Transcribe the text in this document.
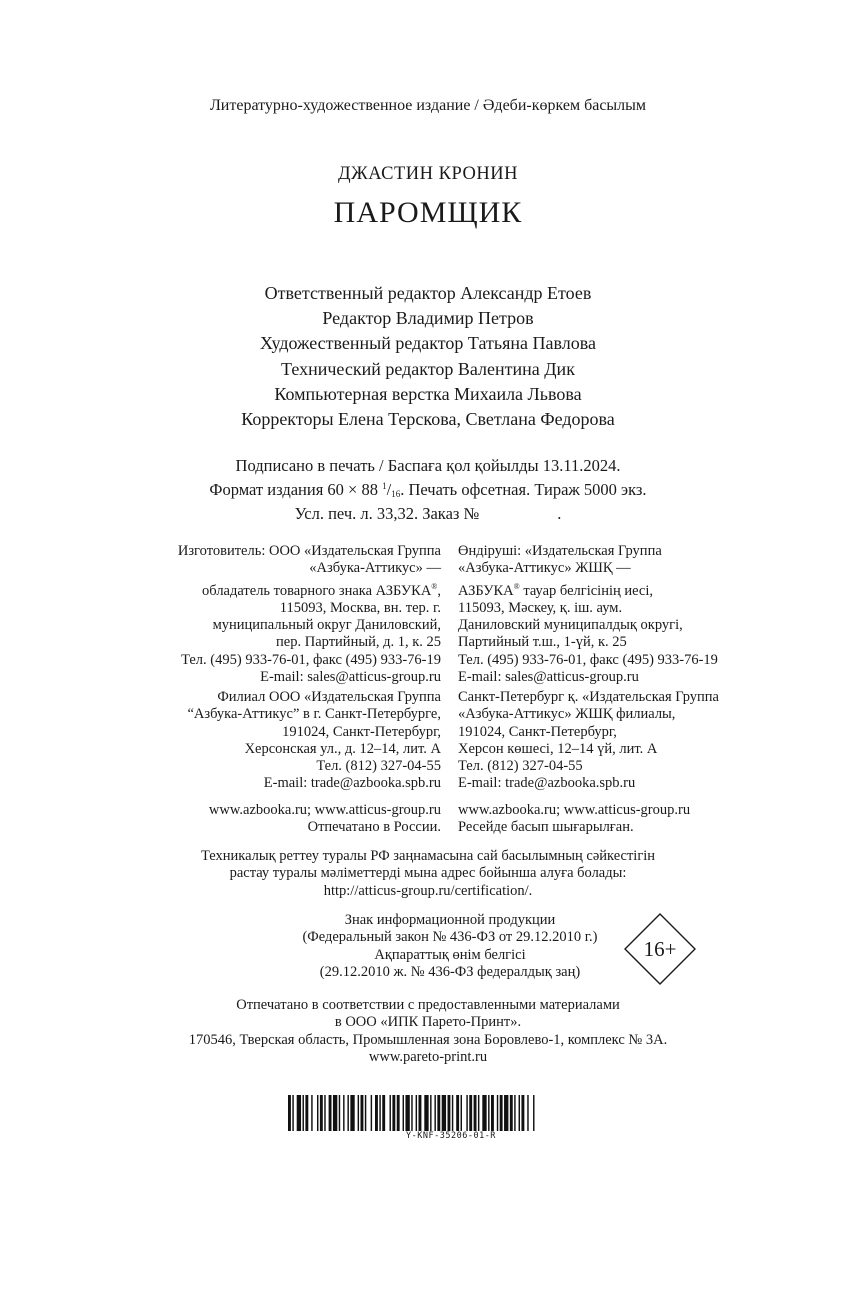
Литературно-художественное издание / Әдеби-көркем басылым
ДЖАСТИН КРОНИН
ПАРОМЩИК
Ответственный редактор Александр Етоев
Редактор Владимир Петров
Художественный редактор Татьяна Павлова
Технический редактор Валентина Дик
Компьютерная верстка Михаила Львова
Корректоры Елена Терскова, Светлана Федорова
Подписано в печать / Баспаға қол қойылды 13.11.2024.
Формат издания 60 × 88 $^1/_{16}$. Печать офсетная. Тираж 5000 экз.
Усл. печ. л. 33,32. Заказ №	.
Изготовитель: ООО «Издательская Группа
«Азбука-Аттикус» —
обладатель товарного знака АЗБУКА®,
115093, Москва, вн. тер. г.
муниципальный округ Даниловский,
пер. Партийный, д. 1, к. 25
Тел. (495) 933-76-01, факс (495) 933-76-19
E-mail: sales@atticus-group.ru
Өндіруші: «Издательская Группа
«Азбука-Аттикус» ЖШҚ —
АЗБУКА® тауар белгісінің иесі,
115093, Мәскеу, қ. іш. аум.
Даниловский муниципалдық округі,
Партийный т.ш., 1-үй, к. 25
Тел. (495) 933-76-01, факс (495) 933-76-19
E-mail: sales@atticus-group.ru
Филиал ООО «Издательская Группа
“Азбука-Аттикус” в г. Санкт-Петербурге,
191024, Санкт-Петербург,
Херсонская ул., д. 12–14, лит. А
Тел. (812) 327-04-55
E-mail: trade@azbooka.spb.ru
Санкт-Петербург қ. «Издательская Группа
«Азбука-Аттикус» ЖШҚ филиалы,
191024, Санкт-Петербург,
Херсон көшесі, 12–14 үй, лит. А
Тел. (812) 327-04-55
E-mail: trade@azbooka.spb.ru
www.azbooka.ru; www.atticus-group.ru
Отпечатано в России.
www.azbooka.ru; www.atticus-group.ru
Ресейде басып шығарылған.
Техникалық реттеу туралы РФ заңнамасына сай басылымның сәйкестігін
растау туралы мәліметтерді мына адрес бойынша алуға болады:
http://atticus-group.ru/certification/.
Знак информационной продукции
(Федеральный закон № 436-ФЗ от 29.12.2010 г.)
Ақпараттық өнім белгісі
(29.12.2010 ж. № 436-ФЗ федералдық заң)
16+
Отпечатано в соответствии с предоставленными материалами
в ООО «ИПК Парето-Принт».
170546, Тверская область, Промышленная зона Боровлево-1, комплекс № 3А.
www.pareto-print.ru
Y-KNF-35206-01-R
